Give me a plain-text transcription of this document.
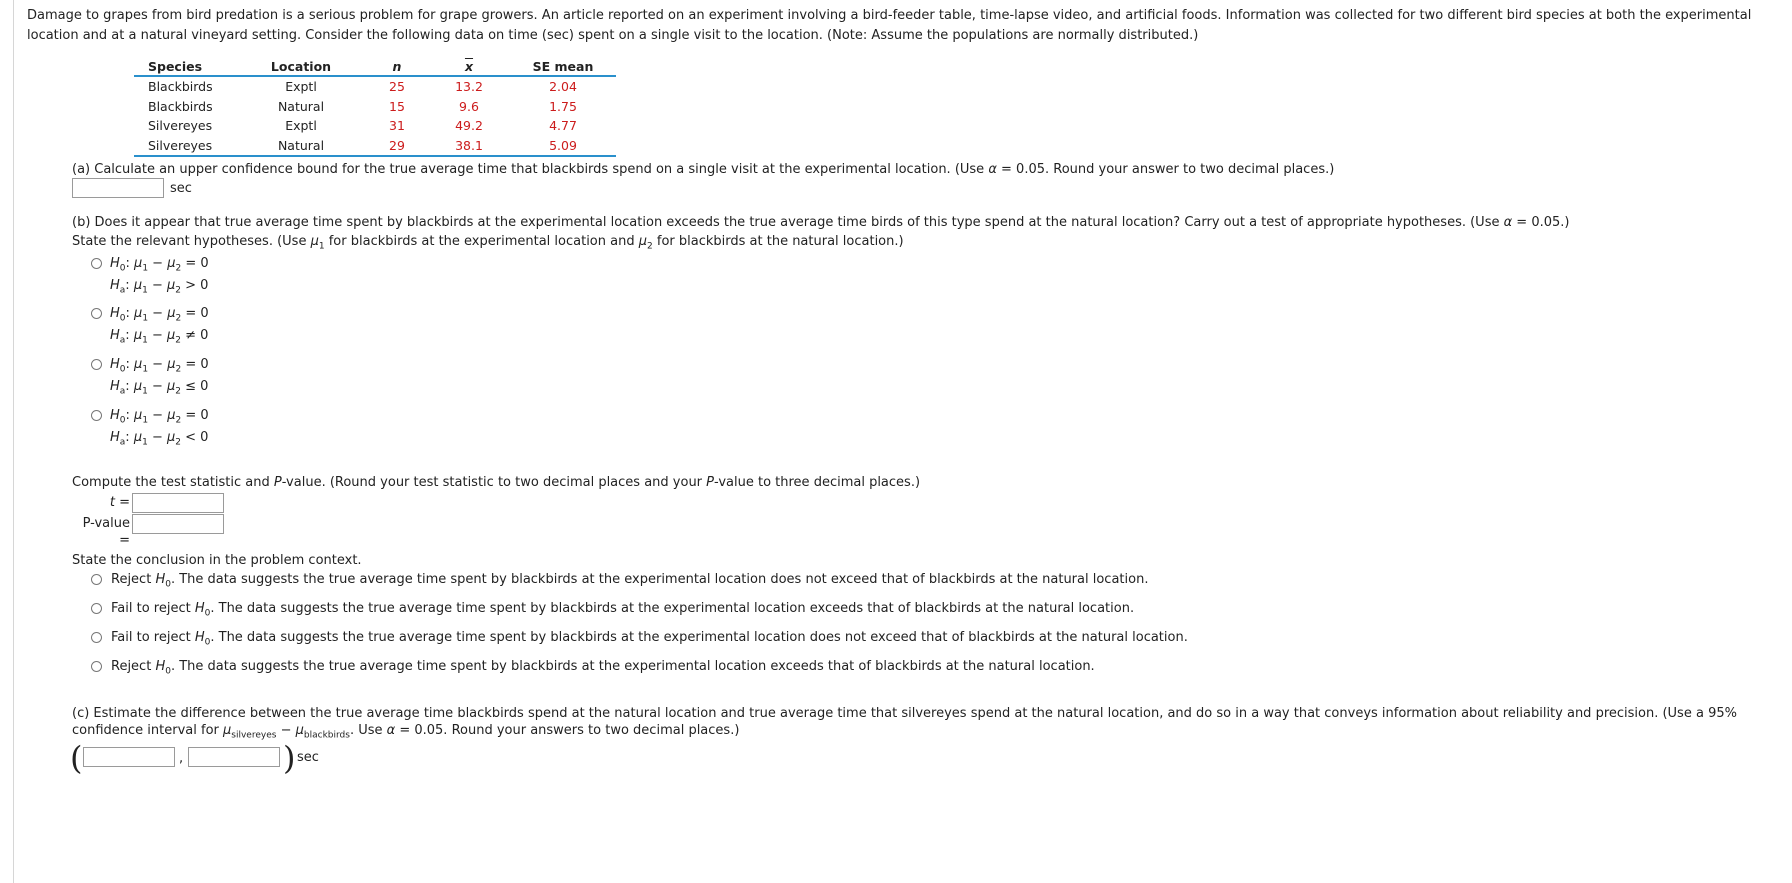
Damage to grapes from bird predation is a serious problem for grape growers. An article reported on an experiment involving a bird-feeder table, time-lapse video, and artificial foods. Information was collected for two different bird species at both the experimental location and at a natural vineyard setting. Consider the following data on time (sec) spent on a single visit to the location. (Note: Assume the populations are normally distributed.)
Species	Location	n	$\overline{x}$	SE mean
Blackbirds	Exptl	25	13.2	2.04
Blackbirds	Natural	15	9.6	1.75
Silvereyes	Exptl	31	49.2	4.77
Silvereyes	Natural	29	38.1	5.09
(a) Calculate an upper confidence bound for the true average time that blackbirds spend on a single visit at the experimental location. (Use α = 0.05. Round your answer to two decimal places.)
sec
(b) Does it appear that true average time spent by blackbirds at the experimental location exceeds the true average time birds of this type spend at the natural location? Carry out a test of appropriate hypotheses. (Use α = 0.05.)
State the relevant hypotheses. (Use $\mu_1$ for blackbirds at the experimental location and $\mu_2$ for blackbirds at the natural location.)
$H_0$: $\mu_1 - \mu_2 = 0$
$H_a$: $\mu_1 - \mu_2 > 0$
$H_0$: $\mu_1 - \mu_2 = 0$
$H_a$: $\mu_1 - \mu_2 \ne 0$
$H_0$: $\mu_1 - \mu_2 = 0$
$H_a$: $\mu_1 - \mu_2 \le 0$
$H_0$: $\mu_1 - \mu_2 = 0$
$H_a$: $\mu_1 - \mu_2 < 0$
Compute the test statistic and P-value. (Round your test statistic to two decimal places and your P-value to three decimal places.)
t =
P-value =
State the conclusion in the problem context.
Reject $H_0$. The data suggests the true average time spent by blackbirds at the experimental location does not exceed that of blackbirds at the natural location.
Fail to reject $H_0$. The data suggests the true average time spent by blackbirds at the experimental location exceeds that of blackbirds at the natural location.
Fail to reject $H_0$. The data suggests the true average time spent by blackbirds at the experimental location does not exceed that of blackbirds at the natural location.
Reject $H_0$. The data suggests the true average time spent by blackbirds at the experimental location exceeds that of blackbirds at the natural location.
(c) Estimate the difference between the true average time blackbirds spend at the natural location and true average time that silvereyes spend at the natural location, and do so in a way that conveys information about reliability and precision. (Use a 95%
confidence interval for $\mu_{silvereyes} - \mu_{blackbirds}$. Use α = 0.05. Round your answers to two decimal places.)
(	,	) sec
